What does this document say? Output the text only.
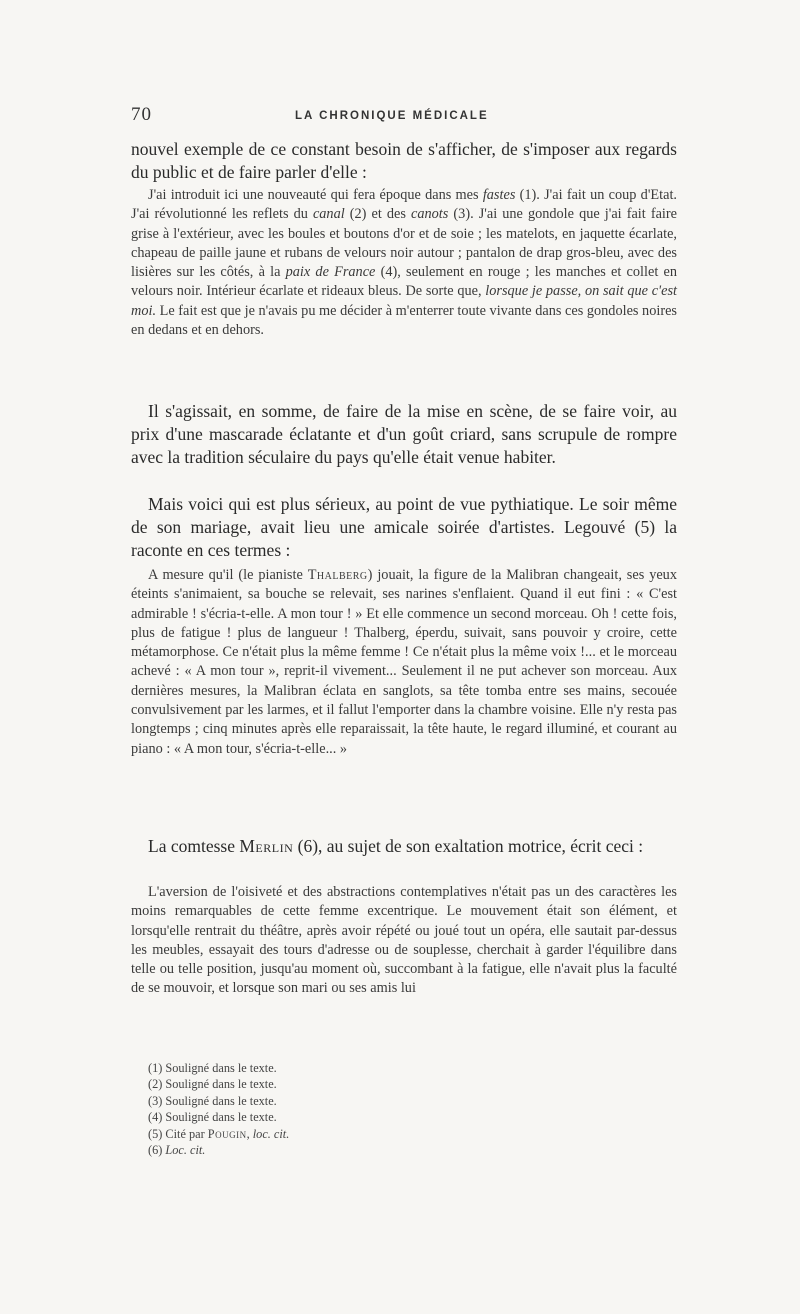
70	LA CHRONIQUE MÉDICALE

nouvel exemple de ce constant besoin de s'afficher, de s'imposer aux regards du public et de faire parler d'elle :

J'ai introduit ici une nouveauté qui fera époque dans mes fastes (1). J'ai fait un coup d'Etat. J'ai révolutionné les reflets du canal (2) et des canots (3). J'ai une gondole que j'ai fait faire grise à l'extérieur, avec les boules et boutons d'or et de soie ; les matelots, en jaquette écarlate, chapeau de paille jaune et rubans de velours noir autour ; pantalon de drap gros-bleu, avec des lisières sur les côtés, à la paix de France (4), seulement en rouge ; les manches et collet en velours noir. Intérieur écarlate et rideaux bleus. De sorte que, lorsque je passe, on sait que c'est moi. Le fait est que je n'avais pu me décider à m'enterrer toute vivante dans ces gondoles noires en dedans et en dehors.

Il s'agissait, en somme, de faire de la mise en scène, de se faire voir, au prix d'une mascarade éclatante et d'un goût criard, sans scrupule de rompre avec la tradition séculaire du pays qu'elle était venue habiter.

Mais voici qui est plus sérieux, au point de vue pythiatique. Le soir même de son mariage, avait lieu une amicale soirée d'artistes. Legouvé (5) la raconte en ces termes :

A mesure qu'il (le pianiste Thalberg) jouait, la figure de la Malibran changeait, ses yeux éteints s'animaient, sa bouche se relevait, ses narines s'enflaient. Quand il eut fini : « C'est admirable ! s'écria-t-elle. A mon tour ! » Et elle commence un second morceau. Oh ! cette fois, plus de fatigue ! plus de langueur ! Thalberg, éperdu, suivait, sans pouvoir y croire, cette métamorphose. Ce n'était plus la même femme ! Ce n'était plus la même voix !... et le morceau achevé : « A mon tour », reprit-il vivement... Seulement il ne put achever son morceau. Aux dernières mesures, la Malibran éclata en sanglots, sa tête tomba entre ses mains, secouée convulsivement par les larmes, et il fallut l'emporter dans la chambre voisine. Elle n'y resta pas longtemps ; cinq minutes après elle reparaissait, la tête haute, le regard illuminé, et courant au piano : « A mon tour, s'écria-t-elle... »

La comtesse Merlin (6), au sujet de son exaltation motrice, écrit ceci :

L'aversion de l'oisiveté et des abstractions contemplatives n'était pas un des caractères les moins remarquables de cette femme excentrique. Le mouvement était son élément, et lorsqu'elle rentrait du théâtre, après avoir répété ou joué tout un opéra, elle sautait par-dessus les meubles, essayait des tours d'adresse ou de souplesse, cherchait à garder l'équilibre dans telle ou telle position, jusqu'au moment où, succombant à la fatigue, elle n'avait plus la faculté de se mouvoir, et lorsque son mari ou ses amis lui

(1) Souligné dans le texte.
(2) Souligné dans le texte.
(3) Souligné dans le texte.
(4) Souligné dans le texte.
(5) Cité par Pougin, loc. cit.
(6) Loc. cit.
